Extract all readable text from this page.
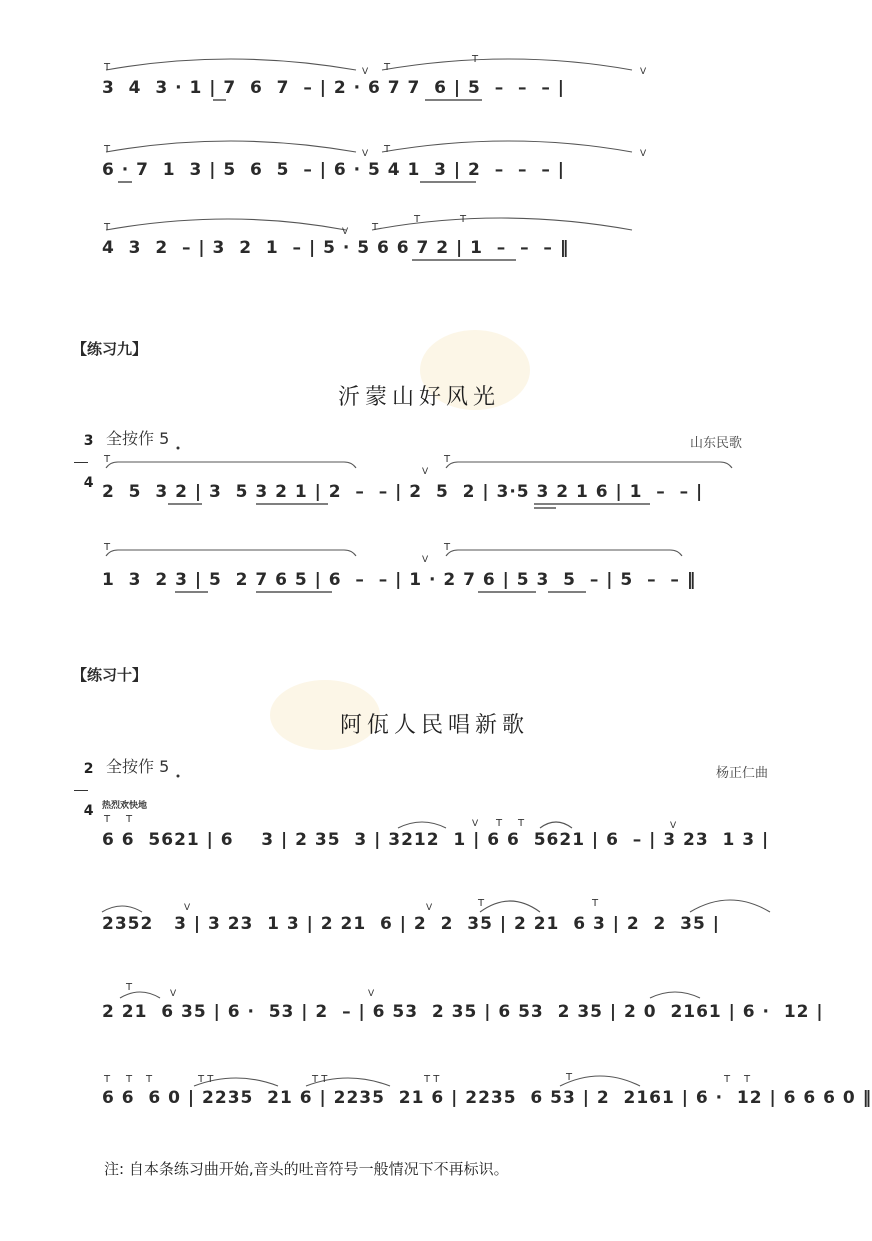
3  4  3 · 1 | 7  6  7  – | 2 · 6 7 7  6 | 5  –  –  – |
6 · 7  1  3 | 5  6  5  – | 6 · 5 4 1  3 | 2  –  –  – |
4  3  2  – | 3  2  1  – | 5 · 5 6 6 7 2 | 1  –  –  – ‖
【练习九】
沂蒙山好风光

3

4

全按作 5	山东民歌
2  5  3 2 | 3  5 3 2 1 | 2  –  – | 2  5  2 | 3·5 3 2 1 6 | 1  –  – |
1  3  2 3 | 5  2 7 6 5 | 6  –  – | 1 · 2 7 6 | 5 3  5  – | 5  –  – ‖
【练习十】
阿佤人民唱新歌

2

4

全按作 5	杨正仁曲
热烈欢快地
6 6  5621 | 6    3 | 2 35  3 | 3212  1 | 6 6  5621 | 6  – | 3 23  1 3 |
2352   3 | 3 23  1 3 | 2 21  6 | 2  2  35 | 2 21  6 3 | 2  2  35 |
2 21  6 35 | 6 ·  53 | 2  – | 6 53  2 35 | 6 53  2 35 | 2 0  2161 | 6 ·  12 |
6 6  6 0 | 2235  21 6 | 2235  21 6 | 2235  6 53 | 2  2161 | 6 ·  12 | 6 6 6 0 ‖
注: 自本条练习曲开始,音头的吐音符号一般情况下不再标识。
T	T
T
T	T
T	T
T	T
T	T
T	T
T T	T T
T	T
T
T T T	T T	T T	T T	T	T T
V	V
V	V
V
V
V
V	V
V	V
V	V
